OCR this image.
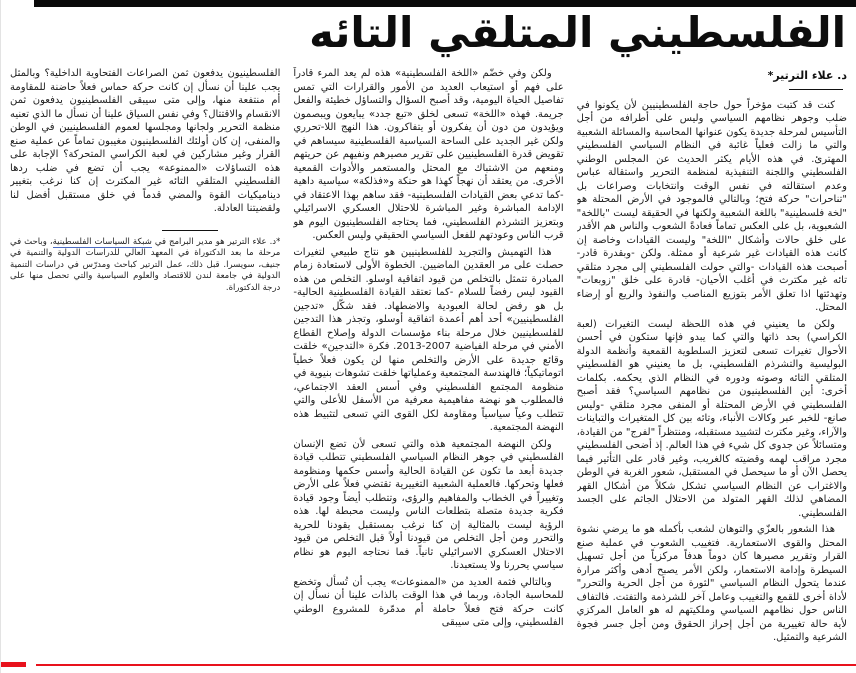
الفلسطيني المتلقي التائه
د. علاء الترتير*

كنت قد كتبت مؤخراً حول حاجة الفلسطينيين لأن يكونوا في ضلب وجوهر نظامهم السياسي وليس على أطرافه من أجل التأسيس لمرحلة جديدة يكون عنوانها المحاسبة والمسائلة الشعبية والتي ما زالت فعلياً غائبة في النظام السياسي الفلسطيني المهترئ. في هذه الأيام يكثر الحديث عن المجلس الوطني الفلسطيني واللجنة التنفيذية لمنظمة التحرير واستقالة عباس وعدم استقالته في نفس الوقت وانتخابات وصراعات بل "تناحرات" حركة فتح؛ وبالتالي فالموجود في الأرض المحتلة هو "لخة فلسطينية" باللغة الشعبية ولكنها في الحقيقة ليست "باللخة" الشعبوية، بل على العكس تماماً فعادةً الشعوب والناس هم الأقدر على خلق حالات وأشكال "اللخة" وليست القيادات وخاصة إن كانت هذه القيادات غير شرعية أو ممثلة. ولكن -وبقدرة قادر- أصبحت هذه القيادات -والتي حولت الفلسطيني إلى مجرد متلقي تائه غير مكترث في أغلب الأحيان- قادرة على خلق "زوبعات" وتهدئتها اذا تعلق الأمر بتوزيع المناصب والنفوذ والريع أو إرضاء المحتل.

ولكن ما يعنيني في هذه اللحظة ليست التغيرات (لعبة الكراسي) بحد ذاتها والتي كما يبدو فإنها ستكون في أحسن الأحوال تغيرات تسعى لتعزيز السلطوية القمعية وأنظمة الدولة البوليسية والتشرذم الفلسطيني، بل ما يعنيني هو الفلسطيني المتلقي التائه وصوته ودوره في النظام الذي يحكمه. بكلمات أخرى: أين الفلسطينيون من نظامهم السياسي؟ فقد أصبح الفلسطيني في الأرض المحتلة أو المنفى مجرد متلقي -وليس صانع- للخبر عبر وكالات الأنباء، وتائه بين كل المتغيرات والتباينات والآراء، وغير مكترث لتشييد مستقبله، ومنتظراً "لفرج" من القيادة، ومتسائلاً عن جدوى كل شيء في هذا العالم. إذ أضحى الفلسطيني مجرد مراقب لهمه وقضيته كالغريب، وغير قادر على التأثير فيما يحصل الآن أو ما سيحصل في المستقبل، شعور الغربة في الوطن والاغتراب عن النظام السياسي تشكل شكلاً من أشكال القهر المضاهي لذلك القهر المتولد من الاحتلال الجاثم على الجسد الفلسطيني.

هذا الشعور بالعزّي والتوهان لشعب بأكمله هو ما يرضي نشوة المحتل والقوى الاستعمارية. فتغييب الشعوب في عملية صنع القرار وتقرير مصيرها كان دوماً هدفاً مركزياً من أجل تسهيل السيطرة وإدامة الاستعمار، ولكن الأمر يصبح أدهى وأكثر مرارة عندما يتحول النظام السياسي "لثورة من أجل الحرية والتحرر" لأداة أخرى للقمع والتغييب وعامل آخر للشرذمة والتفتت. فالتفاف الناس حول نظامهم السياسي وملكيتهم له هو العامل المركزي لأية حالة تغييرية من أجل إحراز الحقوق ومن أجل جسر فجوة الشرعية والتمثيل.

ولكن وفي خضّم «اللخة الفلسطينية» هذه لم يعد المرء قادراً على فهم أو استيعاب العديد من الأمور والقرارات التي تمس تفاصيل الحياة اليومية، وقد أصبح السؤال والتساؤل خطيئة والفعل جريمة. فهذه «اللخة» تسعى لخلق «تبع جدد» يبايعون ويبصمون ويؤيدون من دون أن يفكرون أو يتفاكرون. هذا النهج اللا-تحرري ولكن غير الجديد على الساحة السياسية الفلسطينية سيساهم في تقويض قدرة الفلسطينيين على تقرير مصيرهم ونفيهم عن حريتهم ومنعهم من الاشتباك مع المحتل والمستعمر والأدوات القمعية الأخرى. من يعتقد أن نهجاً كهذا هو حنكة و«فذلكة» سياسية داهية -كما تدعي بعض القيادات الفلسطينية- فقد ساهم بهذا الاعتقاد في الإدامة المباشرة وغير المباشرة للاحتلال العسكري الاسرائيلي وبتعزيز التشرذم الفلسطيني، فما يحتاجه الفلسطينيون اليوم هو قرب الناس وعودتهم للفعل السياسي الحقيقي وليس العكس.

هذا التهميش والتجريد للفلسطينيين هو نتاج طبيعي لتغيرات حصلت على مر العقدين الماضيين. الخطوة الأولى لاستعادة زمام المبادرة تتمثل بالتخلص من قيود اتفاقية اوسلو. التخلص من هذه القيود ليس رفضاً للسلام -كما تعتقد القيادة الفلسطينية الحالية- بل هو رفض لحالة العبودية والاضطهاد. فقد شكّل «تدجين الفلسطينيين» أحد أهم أعمدة اتفاقية أوسلو، وتجذر هذا التدجين للفلسطينيين خلال مرحلة بناء مؤسسات الدولة وإصلاح القطاع الأمني في مرحلة الفياضية 2007-2013. فكرة «التدجين» خلقت وقائع جديدة على الأرض والتخلص منها لن يكون فعلاً خطياً اتوماتيكياً؛ فالهندسة المجتمعية وعملياتها خلقت تشوهات بنيوية في منظومة المجتمع الفلسطيني وفي أسس العقد الاجتماعي، فالمطلوب هو نهضة مفاهيمية معرفية من الأسفل للأعلى والتي تتطلب وعياً سياسياً ومقاومة لكل القوى التي تسعى لتثبيط هذه النهضة المجتمعية.

ولكن النهضة المجتمعية هذه والتي تسعى لأن تضع الإنسان الفلسطيني في جوهر النظام السياسي الفلسطيني تتطلب قيادة جديدة أبعد ما تكون عن القيادة الحالية وأسس حكمها ومنظومة فعلها وتحركها. فالعملية الشعبية التغييرية تقتضي فعلاً على الأرض وتغييراً في الخطاب والمفاهيم والرؤى، وتتطلب أيضاً وجود قيادة فكرية جديدة متصلة بتطلعات الناس وليست محبطة لها. هذه الرؤية ليست بالمثالية إن كنا نرغب بمستقبل يقودنا للحرية والتحرر ومن أجل التخلص من قيودنا أولاً قبل التخلص من قيود الاحتلال العسكري الاسرائيلي ثانياً. فما نحتاجه اليوم هو نظام سياسي يحررنا ولا يستعبدنا.

وبالتالي فثمة العديد من «الممنوعات» يجب أن تُسأل وتخضع للمحاسبة الجادة، وربما في هذا الوقت بالذات علينا أن نسأل إن كانت حركة فتح فعلاً حاملة أم مدمّرة للمشروع الوطني الفلسطيني، وإلى متى سيبقى

الفلسطينيون يدفعون ثمن الصراعات الفتحاوية الداخلية؟ وبالمثل يجب علينا أن نسأل إن كانت حركة حماس فعلاً حاضنة للمقاومة أم منتفعة منها، وإلى متى سيبقى الفلسطينيون يدفعون ثمن الانقسام والاقتتال؟ وفي نفس السياق علينا أن نسأل ما الذي تعنيه منظمة التحرير ولجانها ومجلسها لعموم الفلسطينيين في الوطن والمنفى، إن كان أولئك الفلسطينيون مغيبون تماماً عن عملية صنع القرار وغير مشاركين في لعبة الكراسي المتحركة؟ الإجابة على هذه التساؤلات «الممنوعة» يجب أن تضع في ضلب ردها الفلسطيني المتلقي التائه غير المكترث إن كنا نرغب بتغيير ديناميكيات القوة والمضي قدماً في خلق مستقبل أفضل لنا ولقضيتنا العادلة.

*د. علاء الترتير هو مدير البرامج في شبكة السياسات الفلسطينية، وباحث في مرحلة ما بعد الدكتوراة في المعهد العالي للدراسات الدولية والتنمية في جنيف، سويسرا. قبل ذلك، عمل الترتير كباحث ومدرّس في دراسات التنمية الدولية في جامعة لندن للاقتصاد والعلوم السياسية والتي تحصل منها على درجة الدكتوراة.
